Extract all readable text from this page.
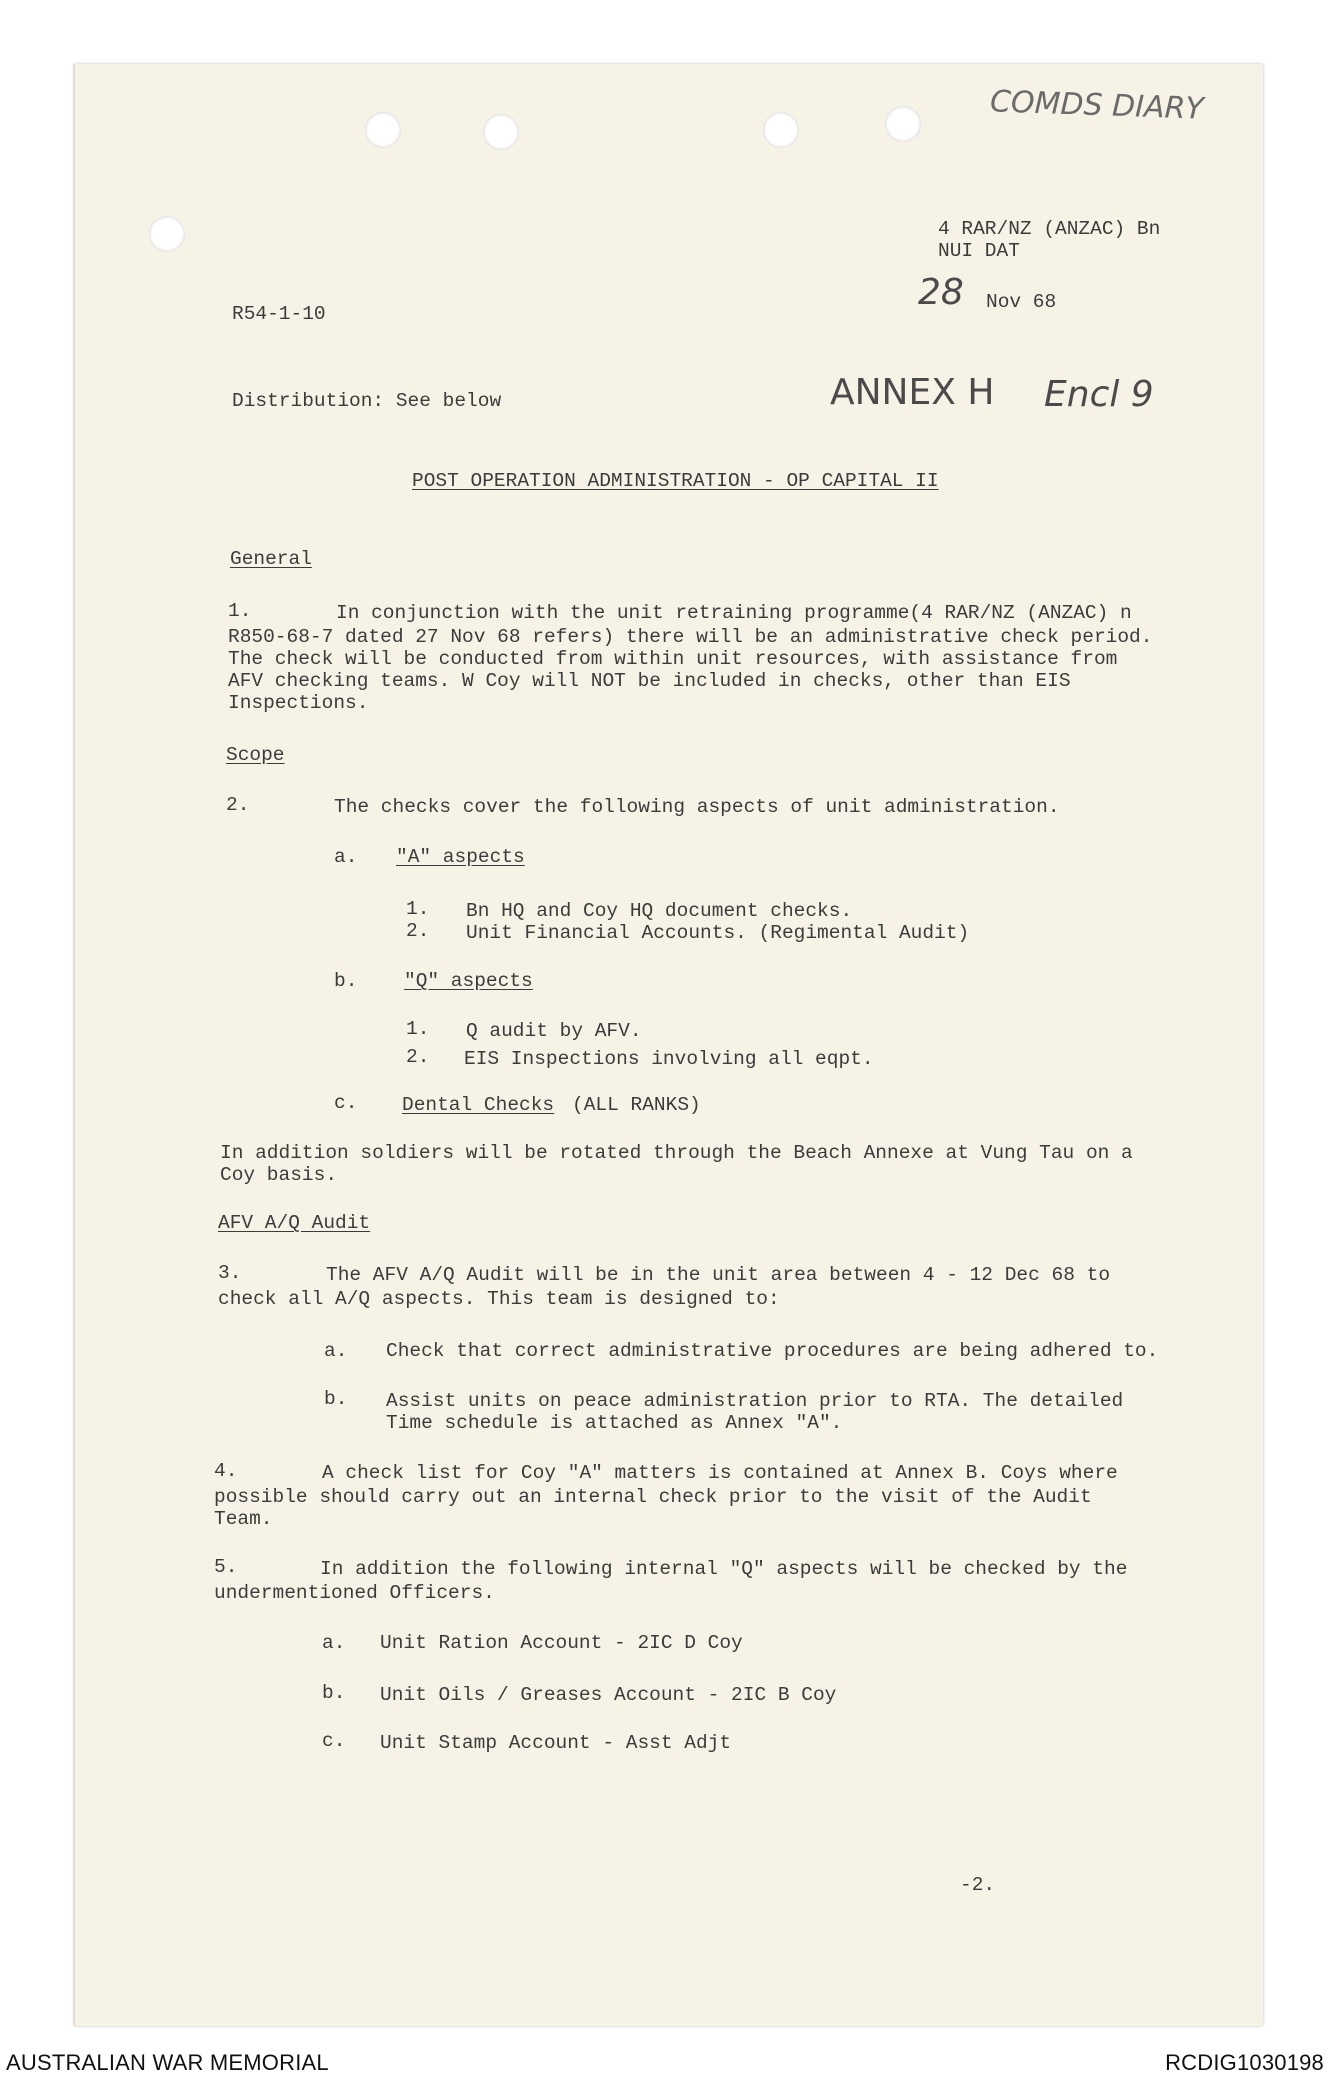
COMDS DIARY
28
ANNEX H Encl 9
4 RAR/NZ (ANZAC) Bn
NUI DAT
Nov 68
R54-1-10
Distribution: See below
POST OPERATION ADMINISTRATION - OP CAPITAL II
General
1.	In conjunction with the unit retraining programme(4 RAR/NZ (ANZAC) n
R850-68-7 dated 27 Nov 68 refers) there will be an administrative check period.
The check will be conducted from within unit resources, with assistance from
AFV checking teams. W Coy will NOT be included in checks, other than EIS
Inspections.
Scope
2.	The checks cover the following aspects of unit administration.
a. "A" aspects
1. Bn HQ and Coy HQ document checks.
2. Unit Financial Accounts. (Regimental Audit)
b. "Q" aspects
1. Q audit by AFV.
2. EIS Inspections involving all eqpt.
c. Dental Checks (ALL RANKS)
In addition soldiers will be rotated through the Beach Annexe at Vung Tau on a
Coy basis.
AFV A/Q Audit
3.	The AFV A/Q Audit will be in the unit area between 4 - 12 Dec 68 to
check all A/Q aspects. This team is designed to:
a. Check that correct administrative procedures are being adhered to.
b. Assist units on peace administration prior to RTA. The detailed
Time schedule is attached as Annex "A".
4.	A check list for Coy "A" matters is contained at Annex B. Coys where
possible should carry out an internal check prior to the visit of the Audit
Team.
5.	In addition the following internal "Q" aspects will be checked by the
undermentioned Officers.
a. Unit Ration Account - 2IC D Coy
b. Unit Oils / Greases Account - 2IC B Coy
c. Unit Stamp Account - Asst Adjt
-2.
AUSTRALIAN WAR MEMORIAL	RCDIG1030198
